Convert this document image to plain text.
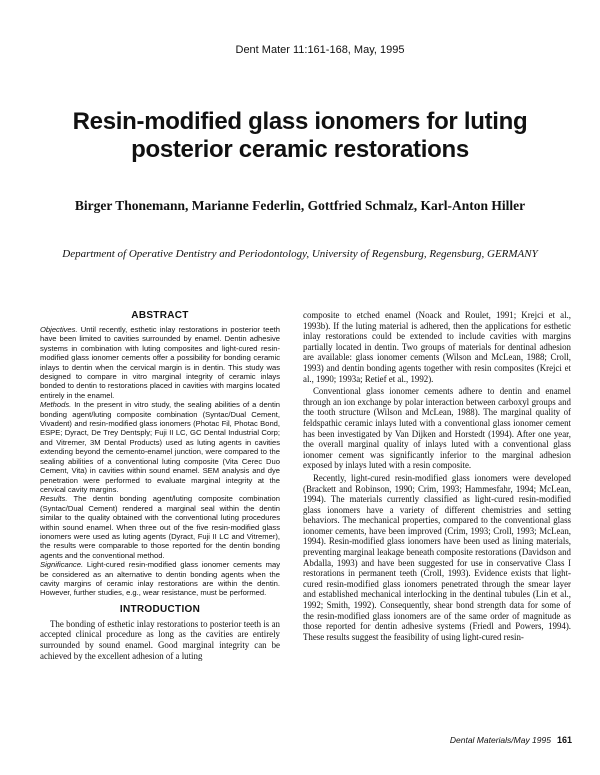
Dent Mater 11:161-168, May, 1995
Resin-modified glass ionomers for luting
posterior ceramic restorations
Birger Thonemann, Marianne Federlin, Gottfried Schmalz, Karl-Anton Hiller
Department of Operative Dentistry and Periodontology, University of Regensburg, Regensburg, GERMANY
ABSTRACT

Objectives. Until recently, esthetic inlay restorations in posterior teeth have been limited to cavities surrounded by enamel. Dentin adhesive systems in combination with luting composites and light-cured resin-modified glass ionomer cements offer a possibility for bonding ceramic inlays to dentin when the cervical margin is in dentin. This study was designed to compare in vitro marginal integrity of ceramic inlays bonded to dentin to restorations placed in cavities with margins located entirely in the enamel.

Methods. In the present in vitro study, the sealing abilities of a dentin bonding agent/luting composite combination (Syntac/Dual Cement, Vivadent) and resin-modified glass ionomers (Photac Fil, Photac Bond, ESPE; Dyract, De Trey Dentsply; Fuji II LC, GC Dental Industrial Corp; and Vitremer, 3M Dental Products) used as luting agents in cavities extending beyond the cemento-enamel junction, were compared to the sealing abilities of a conventional luting composite (Vita Cerec Duo Cement, Vita) in cavities within sound enamel. SEM analysis and dye penetration were performed to evaluate marginal integrity at the cervical cavity margins.

Results. The dentin bonding agent/luting composite combination (Syntac/Dual Cement) rendered a marginal seal within the dentin similar to the quality obtained with the conventional luting procedures within sound enamel. When three out of the five resin-modified glass ionomers were used as luting agents (Dyract, Fuji II LC and Vitremer), the results were comparable to those reported for the dentin bonding agents and the conventional method.

Significance. Light-cured resin-modified glass ionomer cements may be considered as an alternative to dentin bonding agents when the cavity margins of ceramic inlay restorations are within the dentin. However, further studies, e.g., wear resistance, must be performed.

INTRODUCTION

The bonding of esthetic inlay restorations to posterior teeth is an accepted clinical procedure as long as the cavities are entirely surrounded by sound enamel. Good marginal integrity can be achieved by the excellent adhesion of a luting

composite to etched enamel (Noack and Roulet, 1991; Krejci et al., 1993b). If the luting material is adhered, then the applications for esthetic inlay restorations could be extended to include cavities with margins partially located in dentin. Two groups of materials for dentinal adhesion are available: glass ionomer cements (Wilson and McLean, 1988; Croll, 1993) and dentin bonding agents together with resin composites (Krejci et al., 1990; 1993a; Retief et al., 1992).

Conventional glass ionomer cements adhere to dentin and enamel through an ion exchange by polar interaction between carboxyl groups and the tooth structure (Wilson and McLean, 1988). The marginal quality of feldspathic ceramic inlays luted with a conventional glass ionomer cement has been investigated by Van Dijken and Horstedt (1994). After one year, the overall marginal quality of inlays luted with a conventional glass ionomer cement was significantly inferior to the marginal adhesion exposed by inlays luted with a resin composite.

Recently, light-cured resin-modified glass ionomers were developed (Brackett and Robinson, 1990; Crim, 1993; Hammesfahr, 1994; McLean, 1994). The materials currently classified as light-cured resin-modified glass ionomers have a variety of different chemistries and setting behaviors. The mechanical properties, compared to the conventional glass ionomer cements, have been improved (Crim, 1993; Croll, 1993; McLean, 1994). Resin-modified glass ionomers have been used as lining materials, preventing marginal leakage beneath composite restorations (Davidson and Abdalla, 1993) and have been suggested for use in conservative Class I restorations in permanent teeth (Croll, 1993). Evidence exists that light-cured resin-modified glass ionomers penetrated through the smear layer and established mechanical interlocking in the dentinal tubules (Lin et al., 1992; Smith, 1992). Consequently, shear bond strength data for some of the resin-modified glass ionomers are of the same order of magnitude as those reported for dentin adhesive systems (Friedl and Powers, 1994). These results suggest the feasibility of using light-cured resin-

Dental Materials/May 1995 161
